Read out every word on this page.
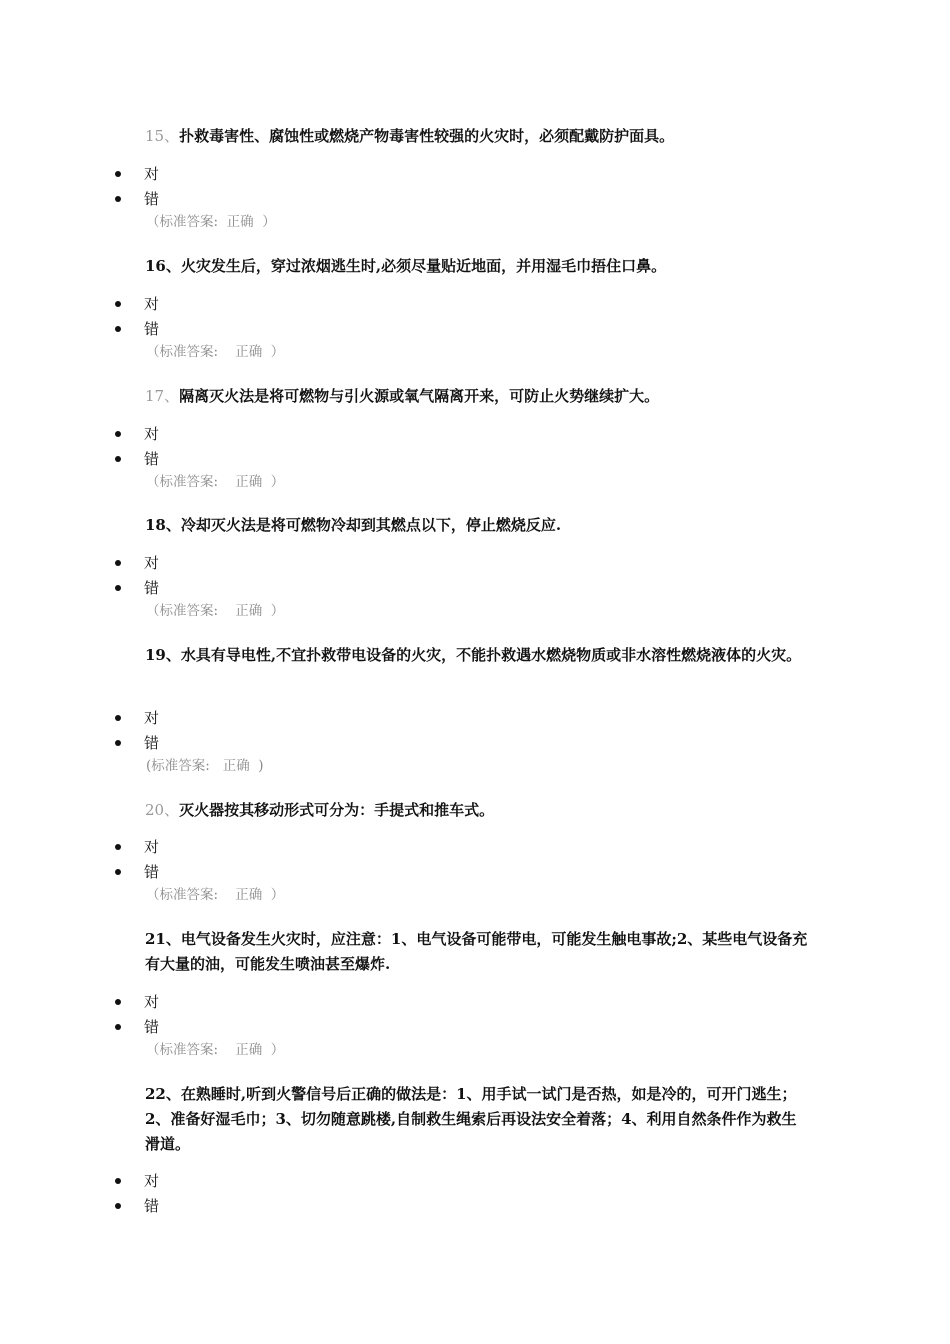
15、扑救毒害性、腐蚀性或燃烧产物毒害性较强的火灾时，必须配戴防护面具。

对
错
（标准答案:  正确  ）

16、火灾发生后，穿过浓烟逃生时,必须尽量贴近地面，并用湿毛巾捂住口鼻。

对
错
（标准答案:    正确  ）

17、隔离灭火法是将可燃物与引火源或氧气隔离开来，可防止火势继续扩大。

对
错
（标准答案:    正确  ）

18、冷却灭火法是将可燃物冷却到其燃点以下，停止燃烧反应.

对
错
（标准答案:    正确  ）

19、水具有导电性,不宜扑救带电设备的火灾，不能扑救遇水燃烧物质或非水溶性燃烧液体的火灾。

对
错
(标准答案:   正确  )

20、灭火器按其移动形式可分为：手提式和推车式。

对
错
（标准答案:    正确  ）

21、电气设备发生火灾时，应注意：1、电气设备可能带电，可能发生触电事故;2、某些电气设备充有大量的油，可能发生喷油甚至爆炸.

对
错
（标准答案:    正确  ）

22、在熟睡时,听到火警信号后正确的做法是：1、用手试一试门是否热，如是冷的，可开门逃生；2、准备好湿毛巾；3、切勿随意跳楼,自制救生绳索后再设法安全着落；4、利用自然条件作为救生滑道。

对
错
